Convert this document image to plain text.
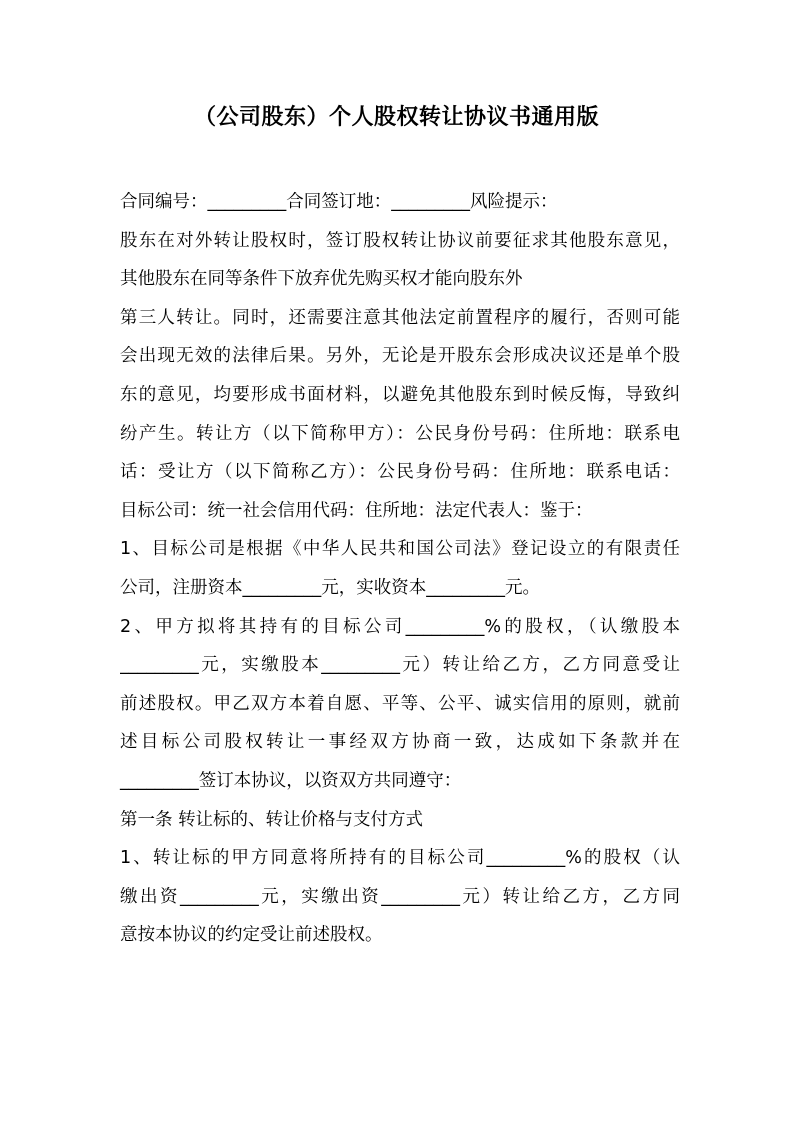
（公司股东）个人股权转让协议书通用版
合同编号：_________合同签订地：_________风险提示：
股东在对外转让股权时，签订股权转让协议前要征求其他股东意见，
其他股东在同等条件下放弃优先购买权才能向股东外
第三人转让。同时，还需要注意其他法定前置程序的履行，否则可能
会出现无效的法律后果。另外，无论是开股东会形成决议还是单个股
东的意见，均要形成书面材料，以避免其他股东到时候反悔，导致纠
纷产生。转让方（以下简称甲方）：公民身份号码：住所地：联系电
话：受让方（以下简称乙方）：公民身份号码：住所地：联系电话：
目标公司：统一社会信用代码：住所地：法定代表人：鉴于：
1、目标公司是根据《中华人民共和国公司法》登记设立的有限责任
公司，注册资本_________元，实收资本_________元。
2、甲方拟将其持有的目标公司_________%的股权，（认缴股本
_________元，实缴股本_________元）转让给乙方，乙方同意受让
前述股权。甲乙双方本着自愿、平等、公平、诚实信用的原则，就前
述目标公司股权转让一事经双方协商一致，达成如下条款并在
_________签订本协议，以资双方共同遵守：
第一条 转让标的、转让价格与支付方式
1、转让标的甲方同意将所持有的目标公司_________%的股权（认
缴出资_________元，实缴出资_________元）转让给乙方，乙方同
意按本协议的约定受让前述股权。
